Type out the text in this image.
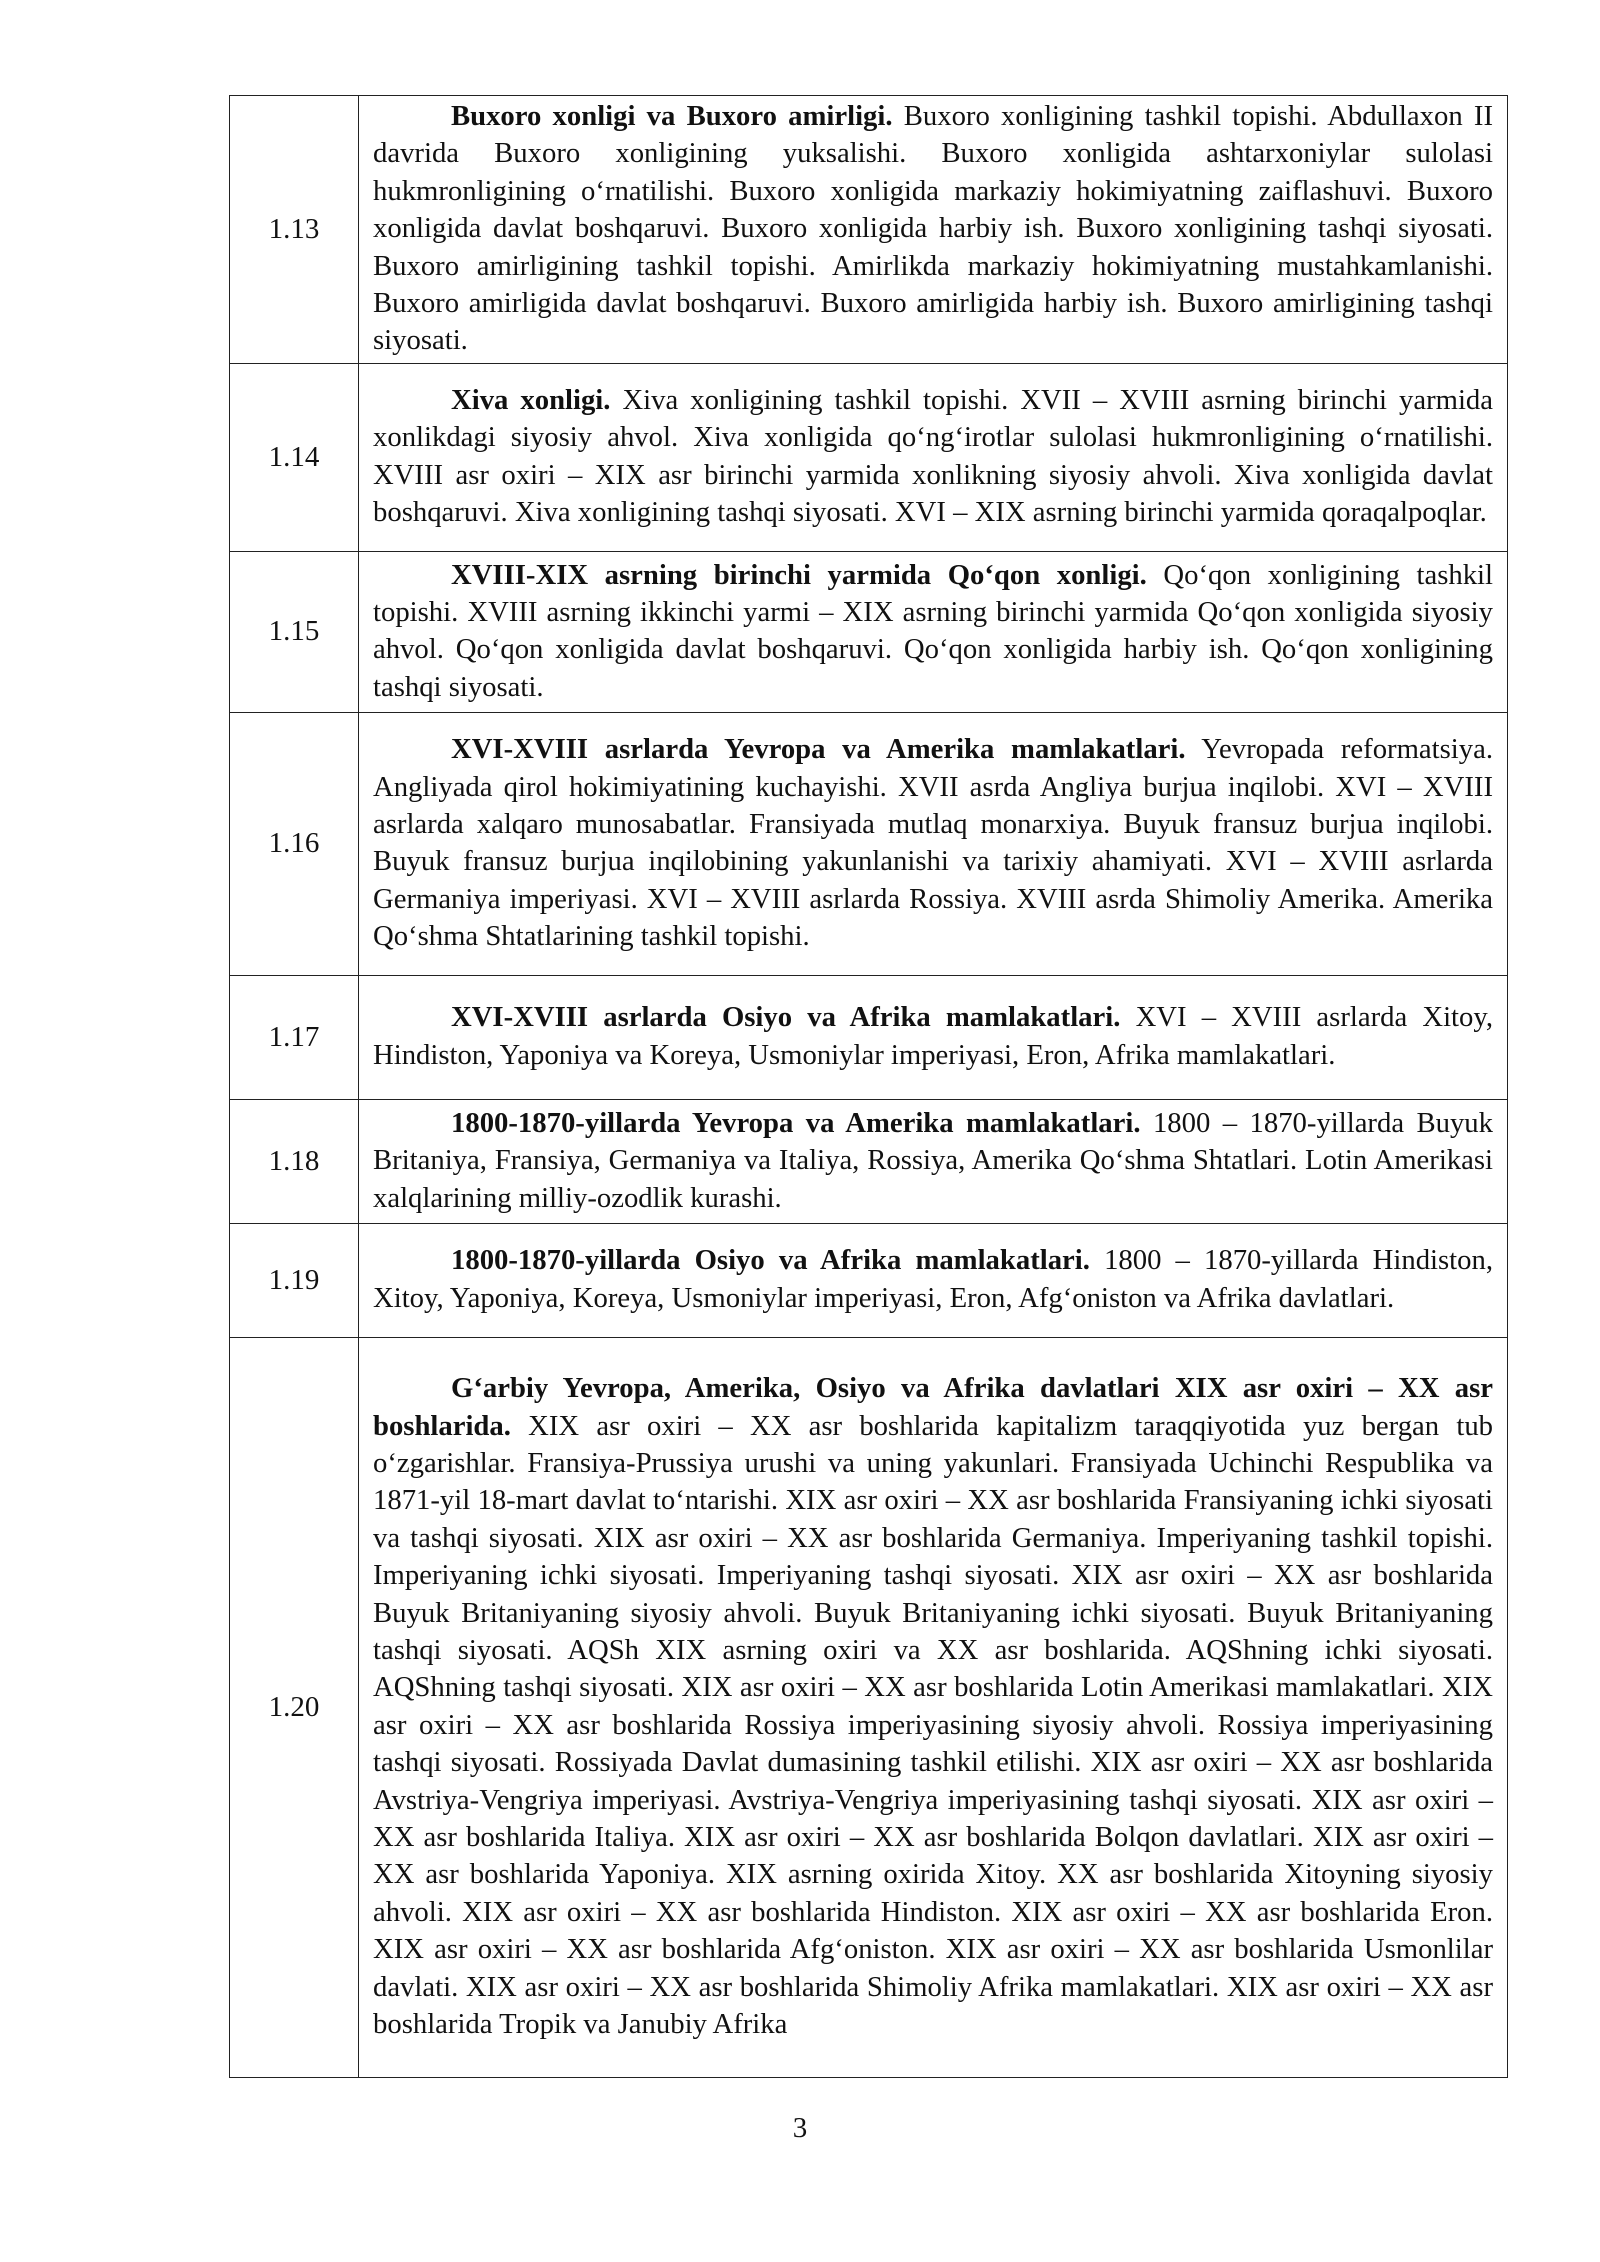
1.13	Buxoro xonligi va Buxoro amirligi. Buxoro xonligining tashkil topishi. Abdullaxon II davrida Buxoro xonligining yuksalishi. Buxoro xonligida ashtarxoniylar sulolasi hukmronligining oʻrnatilishi. Buxoro xonligida markaziy hokimiyatning zaiflashuvi. Buxoro xonligida davlat boshqaruvi. Buxoro xonligida harbiy ish. Buxoro xonligining tashqi siyosati. Buxoro amirligining tashkil topishi. Amirlikda markaziy hokimiyatning mustahkamlanishi. Buxoro amirligida davlat boshqaruvi. Buxoro amirligida harbiy ish. Buxoro amirligining tashqi siyosati.
1.14	Xiva xonligi. Xiva xonligining tashkil topishi. XVII – XVIII asrning birinchi yarmida xonlikdagi siyosiy ahvol. Xiva xonligida qoʻngʻirotlar sulolasi hukmronligining oʻrnatilishi. XVIII asr oxiri – XIX asr birinchi yarmida xonlikning siyosiy ahvoli. Xiva xonligida davlat boshqaruvi. Xiva xonligining tashqi siyosati. XVI – XIX asrning birinchi yarmida qoraqalpoqlar.
1.15	XVIII-XIX asrning birinchi yarmida Qoʻqon xonligi. Qoʻqon xonligining tashkil topishi. XVIII asrning ikkinchi yarmi – XIX asrning birinchi yarmida Qoʻqon xonligida siyosiy ahvol. Qoʻqon xonligida davlat boshqaruvi. Qoʻqon xonligida harbiy ish. Qoʻqon xonligining tashqi siyosati.
1.16	XVI-XVIII asrlarda Yevropa va Amerika mamlakatlari. Yevropada reformatsiya. Angliyada qirol hokimiyatining kuchayishi. XVII asrda Angliya burjua inqilobi. XVI – XVIII asrlarda xalqaro munosabatlar. Fransiyada mutlaq monarxiya. Buyuk fransuz burjua inqilobi. Buyuk fransuz burjua inqilobining yakunlanishi va tarixiy ahamiyati. XVI – XVIII asrlarda Germaniya imperiyasi. XVI – XVIII asrlarda Rossiya. XVIII asrda Shimoliy Amerika. Amerika Qoʻshma Shtatlarining tashkil topishi.
1.17	XVI-XVIII asrlarda Osiyo va Afrika mamlakatlari. XVI – XVIII asrlarda Xitoy, Hindiston, Yaponiya va Koreya, Usmoniylar imperiyasi, Eron, Afrika mamlakatlari.
1.18	1800-1870-yillarda Yevropa va Amerika mamlakatlari. 1800 – 1870-yillarda Buyuk Britaniya, Fransiya, Germaniya va Italiya, Rossiya, Amerika Qoʻshma Shtatlari. Lotin Amerikasi xalqlarining milliy-ozodlik kurashi.
1.19	1800-1870-yillarda Osiyo va Afrika mamlakatlari. 1800 – 1870-yillarda Hindiston, Xitoy, Yaponiya, Koreya, Usmoniylar imperiyasi, Eron, Afgʻoniston va Afrika davlatlari.
1.20	Gʻarbiy Yevropa, Amerika, Osiyo va Afrika davlatlari XIX asr oxiri – XX asr boshlarida. XIX asr oxiri – XX asr boshlarida kapitalizm taraqqiyotida yuz bergan tub oʻzgarishlar. Fransiya-Prussiya urushi va uning yakunlari. Fransiyada Uchinchi Respublika va 1871-yil 18-mart davlat toʻntarishi. XIX asr oxiri – XX asr boshlarida Fransiyaning ichki siyosati va tashqi siyosati. XIX asr oxiri – XX asr boshlarida Germaniya. Imperiyaning tashkil topishi. Imperiyaning ichki siyosati. Imperiyaning tashqi siyosati. XIX asr oxiri – XX asr boshlarida Buyuk Britaniyaning siyosiy ahvoli. Buyuk Britaniyaning ichki siyosati. Buyuk Britaniyaning tashqi siyosati. AQSh XIX asrning oxiri va XX asr boshlarida. AQShning ichki siyosati. AQShning tashqi siyosati. XIX asr oxiri – XX asr boshlarida Lotin Amerikasi mamlakatlari. XIX asr oxiri – XX asr boshlarida Rossiya imperiyasining siyosiy ahvoli. Rossiya imperiyasining tashqi siyosati. Rossiyada Davlat dumasining tashkil etilishi. XIX asr oxiri – XX asr boshlarida Avstriya-Vengriya imperiyasi. Avstriya-Vengriya imperiyasining tashqi siyosati. XIX asr oxiri – XX asr boshlarida Italiya. XIX asr oxiri – XX asr boshlarida Bolqon davlatlari. XIX asr oxiri – XX asr boshlarida Yaponiya. XIX asrning oxirida Xitoy. XX asr boshlarida Xitoyning siyosiy ahvoli. XIX asr oxiri – XX asr boshlarida Hindiston. XIX asr oxiri – XX asr boshlarida Eron. XIX asr oxiri – XX asr boshlarida Afgʻoniston. XIX asr oxiri – XX asr boshlarida Usmonlilar davlati. XIX asr oxiri – XX asr boshlarida Shimoliy Afrika mamlakatlari. XIX asr oxiri – XX asr boshlarida Tropik va Janubiy Afrika
3
